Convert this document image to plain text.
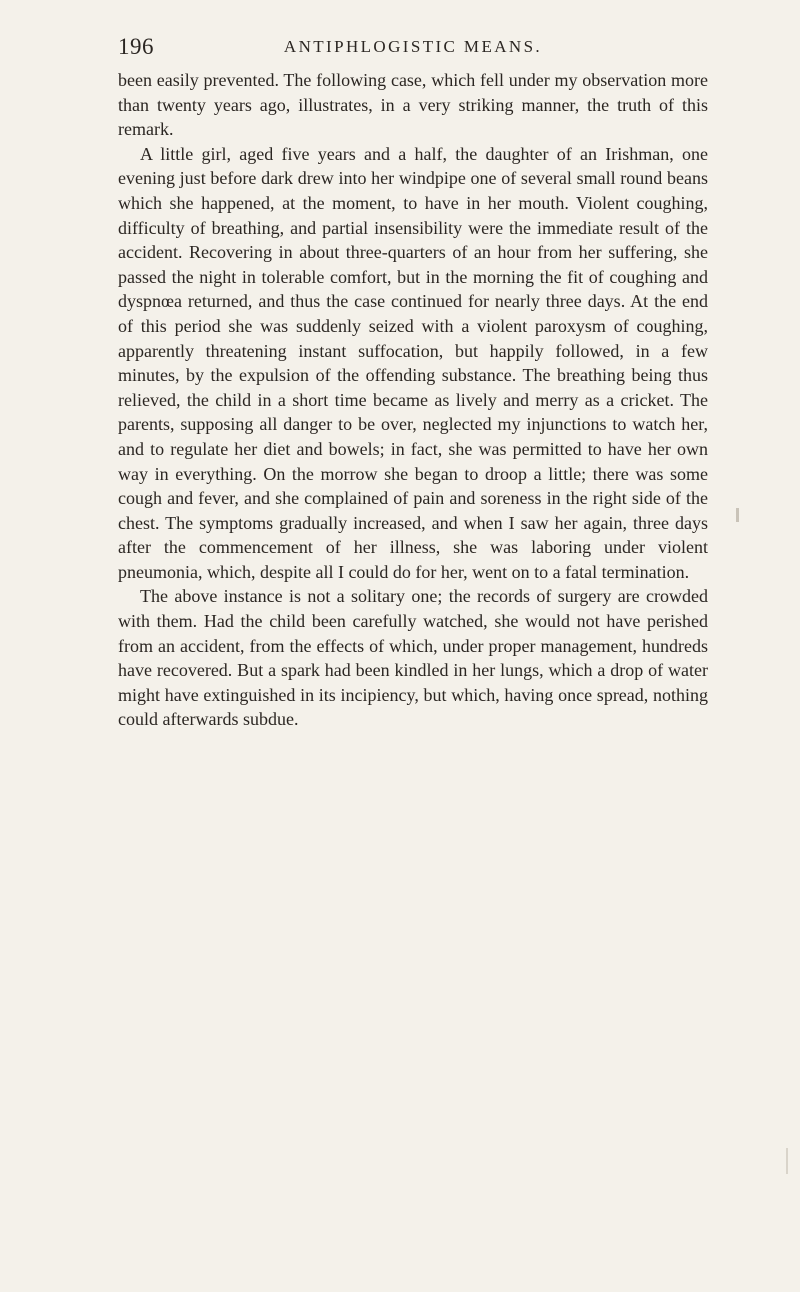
196	ANTIPHLOGISTIC MEANS.

been easily prevented. The following case, which fell under my observation more than twenty years ago, illustrates, in a very striking manner, the truth of this remark.

A little girl, aged five years and a half, the daughter of an Irishman, one evening just before dark drew into her windpipe one of several small round beans which she happened, at the moment, to have in her mouth. Violent coughing, difficulty of breathing, and partial insensibility were the immediate result of the accident. Recovering in about three-quarters of an hour from her suffering, she passed the night in tolerable comfort, but in the morning the fit of coughing and dyspnœa returned, and thus the case continued for nearly three days. At the end of this period she was suddenly seized with a violent paroxysm of coughing, apparently threatening instant suffocation, but happily followed, in a few minutes, by the expulsion of the offending substance. The breathing being thus relieved, the child in a short time became as lively and merry as a cricket. The parents, supposing all danger to be over, neglected my injunctions to watch her, and to regulate her diet and bowels; in fact, she was permitted to have her own way in everything. On the morrow she began to droop a little; there was some cough and fever, and she complained of pain and soreness in the right side of the chest. The symptoms gradually increased, and when I saw her again, three days after the commencement of her illness, she was laboring under violent pneumonia, which, despite all I could do for her, went on to a fatal termination.

The above instance is not a solitary one; the records of surgery are crowded with them. Had the child been carefully watched, she would not have perished from an accident, from the effects of which, under proper management, hundreds have recovered. But a spark had been kindled in her lungs, which a drop of water might have extinguished in its incipiency, but which, having once spread, nothing could afterwards subdue.
